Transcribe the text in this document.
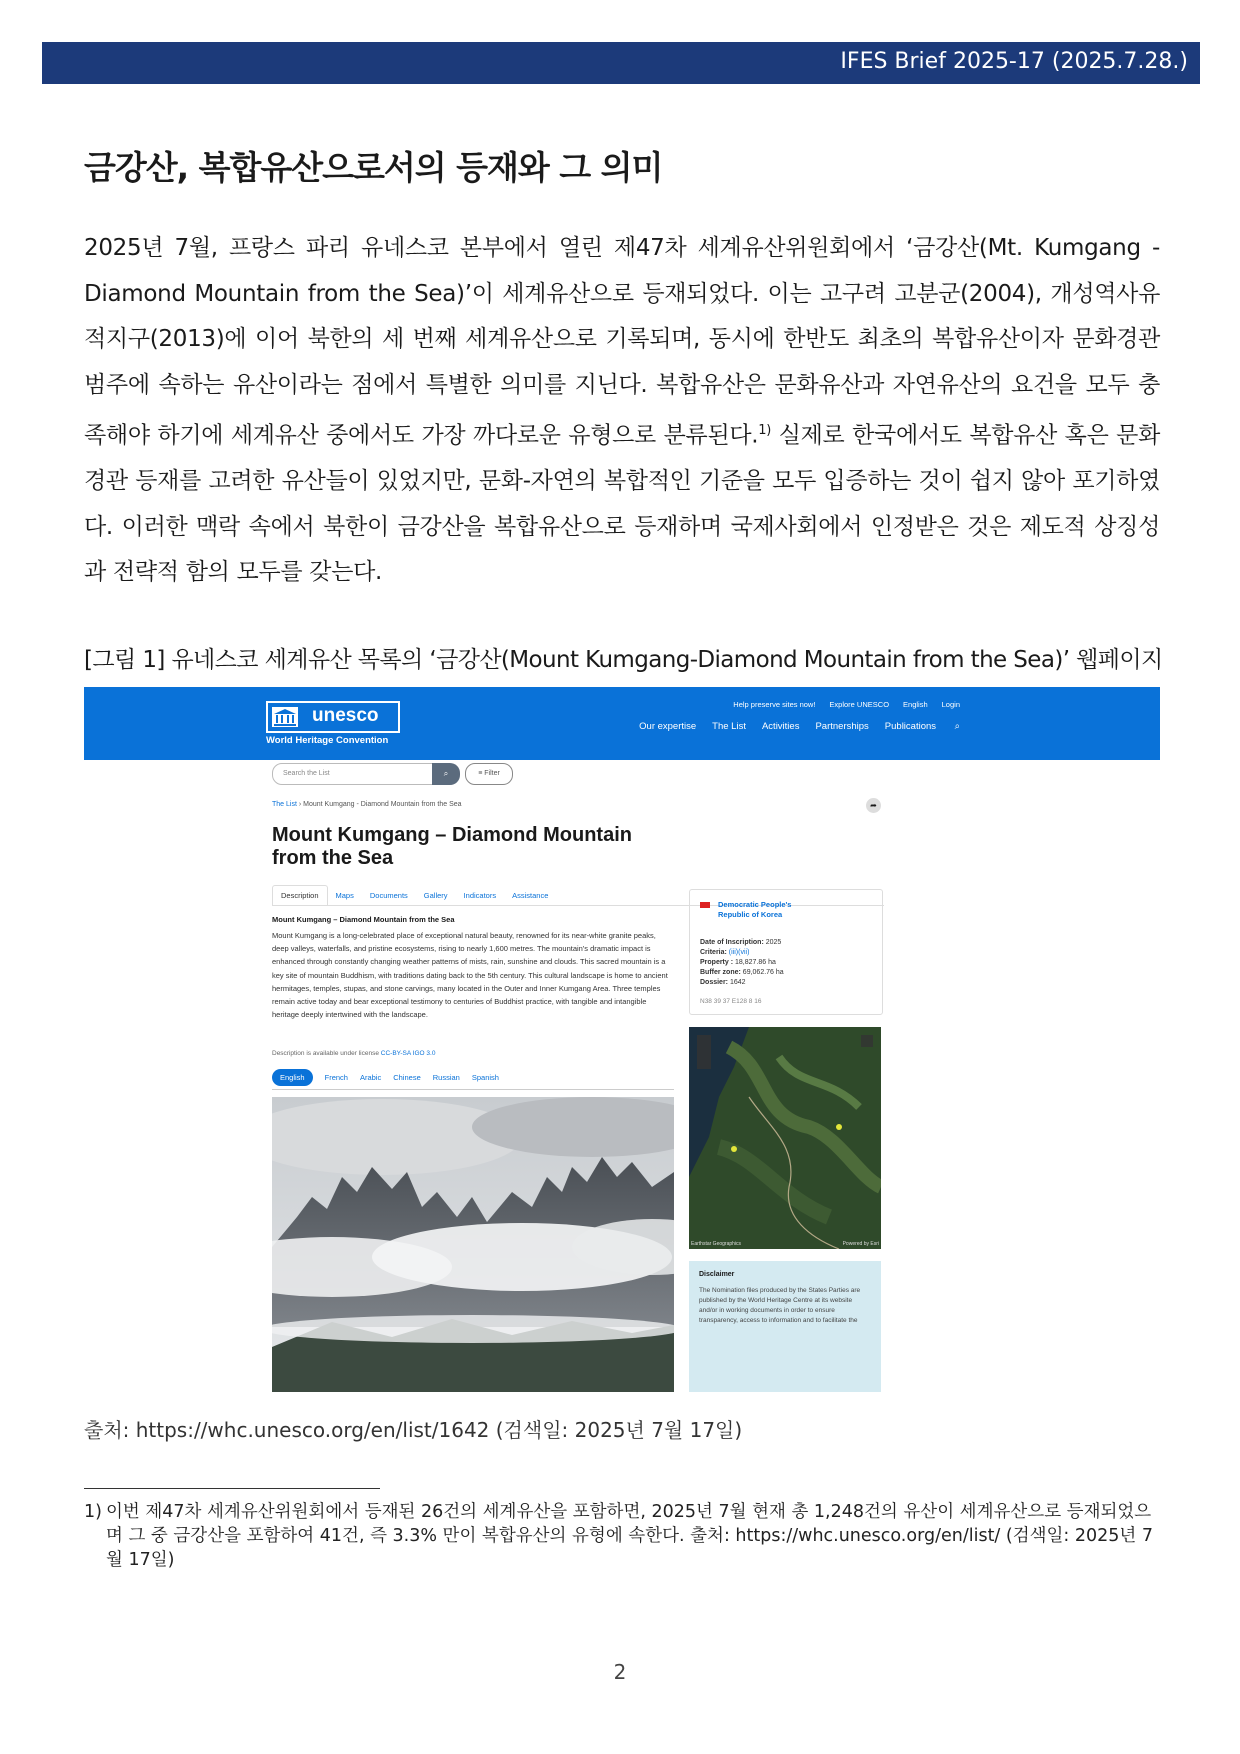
IFES Brief 2025-17 (2025.7.28.)
금강산, 복합유산으로서의 등재와 그 의미
2025년 7월, 프랑스 파리 유네스코 본부에서 열린 제47차 세계유산위원회에서 ‘금강산(Mt. Kumgang - Diamond Mountain from the Sea)’이 세계유산으로 등재되었다. 이는 고구려 고분군(2004), 개성역사유적지구(2013)에 이어 북한의 세 번째 세계유산으로 기록되며, 동시에 한반도 최초의 복합유산이자 문화경관 범주에 속하는 유산이라는 점에서 특별한 의미를 지닌다. 복합유산은 문화유산과 자연유산의 요건을 모두 충족해야 하기에 세계유산 중에서도 가장 까다로운 유형으로 분류된다.$^{1)}$ 실제로 한국에서도 복합유산 혹은 문화경관 등재를 고려한 유산들이 있었지만, 문화-자연의 복합적인 기준을 모두 입증하는 것이 쉽지 않아 포기하였다. 이러한 맥락 속에서 북한이 금강산을 복합유산으로 등재하며 국제사회에서 인정받은 것은 제도적 상징성과 전략적 함의 모두를 갖는다.
[그림 1] 유네스코 세계유산 목록의 ‘금강산(Mount Kumgang-Diamond Mountain from the Sea)’ 웹페이지
unesco
World Heritage Convention
Help preserve sites now! Explore UNESCO English Login
Our expertise The List Activities Partnerships Publications ⌕
Search the List	⌕	≡ Filter
The List › Mount Kumgang - Diamond Mountain from the Sea	➦
Mount Kumgang – Diamond Mountain from the Sea
Description Maps Documents Gallery Indicators Assistance
Mount Kumgang – Diamond Mountain from the Sea
Mount Kumgang is a long-celebrated place of exceptional natural beauty, renowned for its near-white granite peaks, deep valleys, waterfalls, and pristine ecosystems, rising to nearly 1,600 metres. The mountain's dramatic impact is enhanced through constantly changing weather patterns of mists, rain, sunshine and clouds. This sacred mountain is a key site of mountain Buddhism, with traditions dating back to the 5th century. This cultural landscape is home to ancient hermitages, temples, stupas, and stone carvings, many located in the Outer and Inner Kumgang Area. Three temples remain active today and bear exceptional testimony to centuries of Buddhist practice, with tangible and intangible heritage deeply intertwined with the landscape.
Description is available under license CC-BY-SA IGO 3.0
English	French Arabic Chinese Russian Spanish
Democratic People's Republic of Korea
Date of Inscription: 2025
Criteria: (iii)(vii)
Property : 18,827.86 ha
Buffer zone: 69,062.76 ha
Dossier: 1642
N38 39 37 E128 8 16
Earthstar Geographics	Powered by Esri
Disclaimer
The Nomination files produced by the States Parties are published by the World Heritage Centre at its website and/or in working documents in order to ensure transparency, access to information and to facilitate the
출처: https://whc.unesco.org/en/list/1642 (검색일: 2025년 7월 17일)
1) 이번 제47차 세계유산위원회에서 등재된 26건의 세계유산을 포함하면, 2025년 7월 현재 총 1,248건의 유산이 세계유산으로 등재되었으며 그 중 금강산을 포함하여 41건, 즉 3.3% 만이 복합유산의 유형에 속한다. 출처: https://whc.unesco.org/en/list/ (검색일: 2025년 7월 17일)
2
